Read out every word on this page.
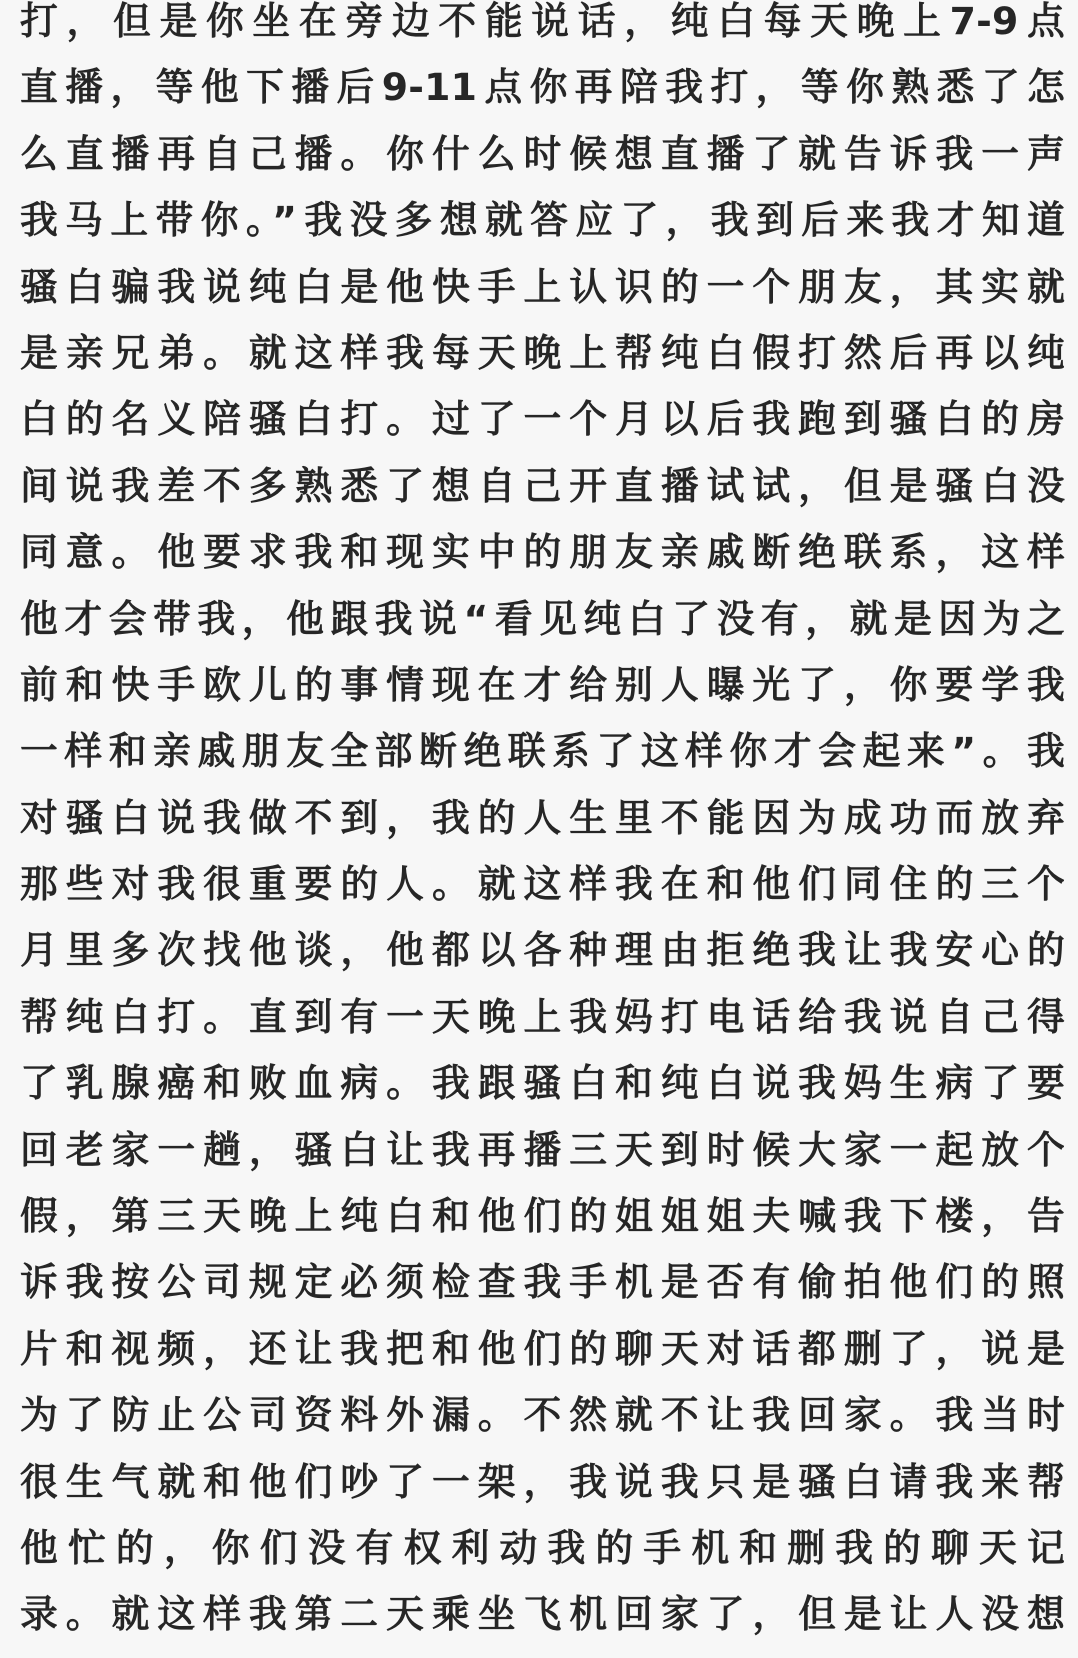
打，但是你坐在旁边不能说话，纯白每天晚上7-9点
直播，等他下播后9-11点你再陪我打，等你熟悉了怎
么直播再自己播。你什么时候想直播了就告诉我一声
我马上带你。”我没多想就答应了，我到后来我才知道
骚白骗我说纯白是他快手上认识的一个朋友，其实就
是亲兄弟。就这样我每天晚上帮纯白假打然后再以纯
白的名义陪骚白打。过了一个月以后我跑到骚白的房
间说我差不多熟悉了想自己开直播试试，但是骚白没
同意。他要求我和现实中的朋友亲戚断绝联系，这样
他才会带我，他跟我说“看见纯白了没有，就是因为之
前和快手欧儿的事情现在才给别人曝光了，你要学我
一样和亲戚朋友全部断绝联系了这样你才会起来”。我
对骚白说我做不到，我的人生里不能因为成功而放弃
那些对我很重要的人。就这样我在和他们同住的三个
月里多次找他谈，他都以各种理由拒绝我让我安心的
帮纯白打。直到有一天晚上我妈打电话给我说自己得
了乳腺癌和败血病。我跟骚白和纯白说我妈生病了要
回老家一趟，骚白让我再播三天到时候大家一起放个
假，第三天晚上纯白和他们的姐姐姐夫喊我下楼，告
诉我按公司规定必须检查我手机是否有偷拍他们的照
片和视频，还让我把和他们的聊天对话都删了，说是
为了防止公司资料外漏。不然就不让我回家。我当时
很生气就和他们吵了一架，我说我只是骚白请我来帮
他忙的，你们没有权利动我的手机和删我的聊天记
录。就这样我第二天乘坐飞机回家了，但是让人没想
